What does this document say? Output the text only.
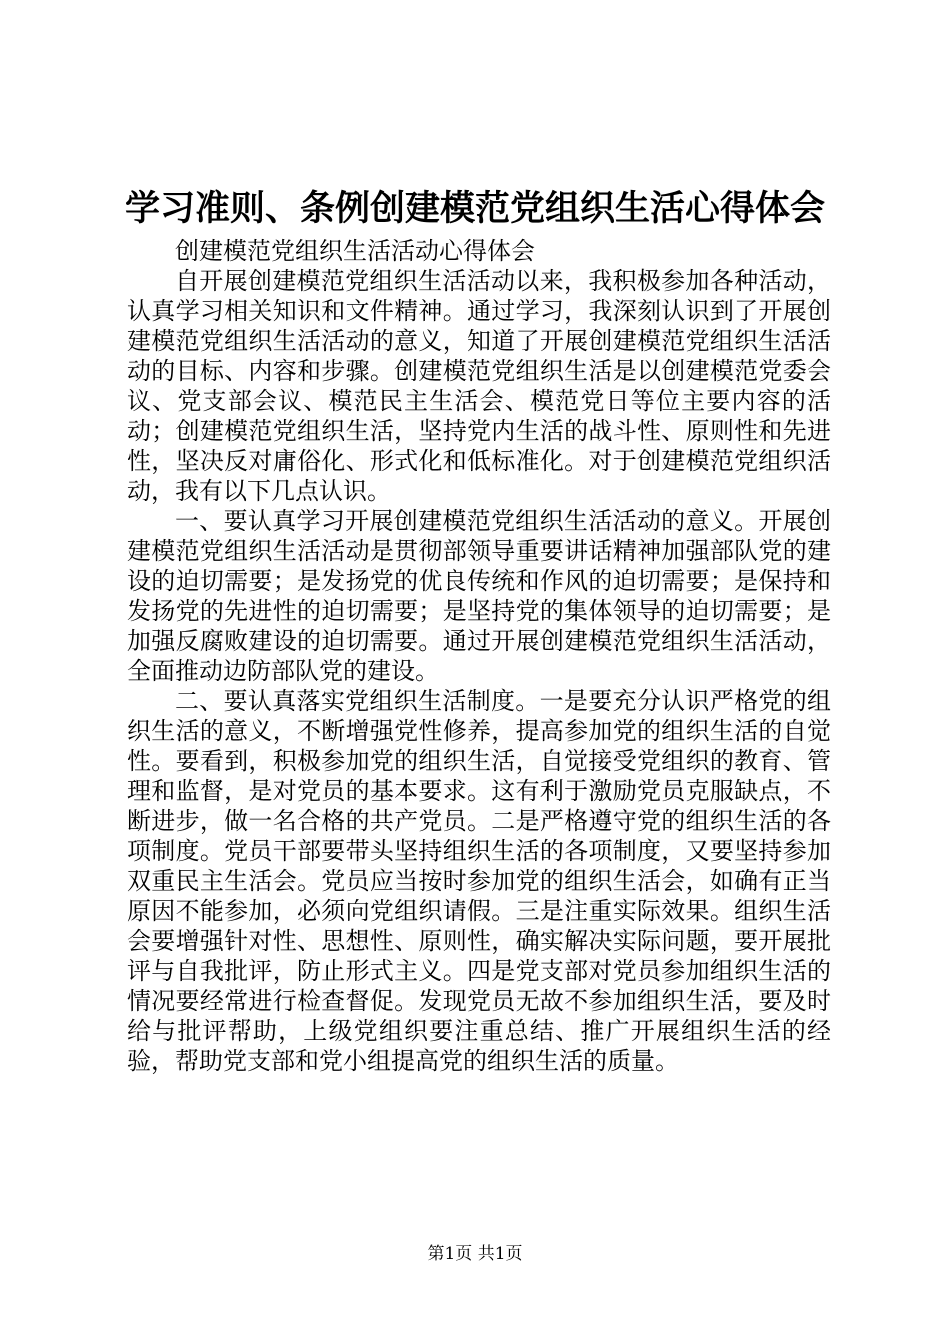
学习准则、条例创建模范党组织生活心得体会

创建模范党组织生活活动心得体会

自开展创建模范党组织生活活动以来，我积极参加各种活动，认真学习相关知识和文件精神。通过学习，我深刻认识到了开展创建模范党组织生活活动的意义，知道了开展创建模范党组织生活活动的目标、内容和步骤。创建模范党组织生活是以创建模范党委会议、党支部会议、模范民主生活会、模范党日等位主要内容的活动；创建模范党组织生活，坚持党内生活的战斗性、原则性和先进性，坚决反对庸俗化、形式化和低标准化。对于创建模范党组织活动，我有以下几点认识。

一、要认真学习开展创建模范党组织生活活动的意义。开展创建模范党组织生活活动是贯彻部领导重要讲话精神加强部队党的建设的迫切需要；是发扬党的优良传统和作风的迫切需要；是保持和发扬党的先进性的迫切需要；是坚持党的集体领导的迫切需要；是加强反腐败建设的迫切需要。通过开展创建模范党组织生活活动，全面推动边防部队党的建设。

二、要认真落实党组织生活制度。一是要充分认识严格党的组织生活的意义，不断增强党性修养，提高参加党的组织生活的自觉性。要看到，积极参加党的组织生活，自觉接受党组织的教育、管理和监督，是对党员的基本要求。这有利于激励党员克服缺点，不断进步，做一名合格的共产党员。二是严格遵守党的组织生活的各项制度。党员干部要带头坚持组织生活的各项制度，又要坚持参加双重民主生活会。党员应当按时参加党的组织生活会，如确有正当原因不能参加，必须向党组织请假。三是注重实际效果。组织生活会要增强针对性、思想性、原则性，确实解决实际问题，要开展批评与自我批评，防止形式主义。四是党支部对党员参加组织生活的情况要经常进行检查督促。发现党员无故不参加组织生活，要及时给与批评帮助，上级党组织要注重总结、推广开展组织生活的经验，帮助党支部和党小组提高党的组织生活的质量。

第1页 共1页
